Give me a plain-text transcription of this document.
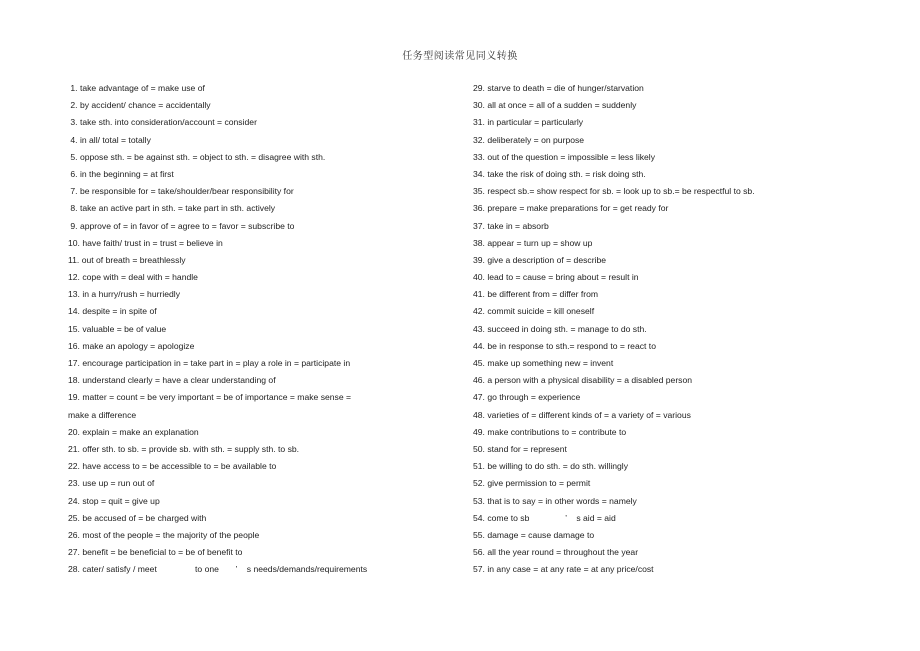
任务型阅读常见同义转换
1. take advantage of = make use of
2. by accident/ chance = accidentally
3. take sth. into consideration/account = consider
4. in all/ total = totally
5. oppose sth. = be against sth. = object to sth. = disagree with sth.
6. in the beginning = at first
7. be responsible for = take/shoulder/bear responsibility for
8. take an active part in sth. = take part in sth. actively
9. approve of = in favor of = agree to = favor = subscribe to
10. have faith/ trust in = trust = believe in
11. out of breath = breathlessly
12. cope with = deal with = handle
13. in a hurry/rush = hurriedly
14. despite = in spite of
15. valuable = be of value
16. make an apology = apologize
17. encourage participation in = take part in = play a role in = participate in
18. understand clearly = have a clear understanding of
19. matter = count = be very important = be of importance = make sense =
make a difference
20. explain = make an explanation
21. offer sth. to sb. = provide sb. with sth. = supply sth. to sb.
22. have access to = be accessible to = be available to
23. use up = run out of
24. stop = quit = give up
25. be accused of = be charged with
26. most of the people = the majority of the people
27. benefit = be beneficial to = be of benefit to
28. cater/ satisfy / meet                to one       ’    s needs/demands/requirements
29. starve to death = die of hunger/starvation
30. all at once = all of a sudden = suddenly
31. in particular = particularly
32. deliberately = on purpose
33. out of the question = impossible = less likely
34. take the risk of doing sth. = risk doing sth.
35. respect sb.= show respect for sb. = look up to sb.= be respectful to sb.
36. prepare = make preparations for = get ready for
37. take in = absorb
38. appear = turn up = show up
39. give a description of = describe
40. lead to = cause = bring about = result in
41. be different from = differ from
42. commit suicide = kill oneself
43. succeed in doing sth. = manage to do sth.
44. be in response to sth.= respond to = react to
45. make up something new = invent
46. a person with a physical disability = a disabled person
47. go through = experience
48. varieties of = different kinds of = a variety of = various
49. make contributions to = contribute to
50. stand for = represent
51. be willing to do sth. = do sth. willingly
52. give permission to = permit
53. that is to say = in other words = namely
54. come to sb               ’    s aid = aid
55. damage = cause damage to
56. all the year round = throughout the year
57. in any case = at any rate = at any price/cost
